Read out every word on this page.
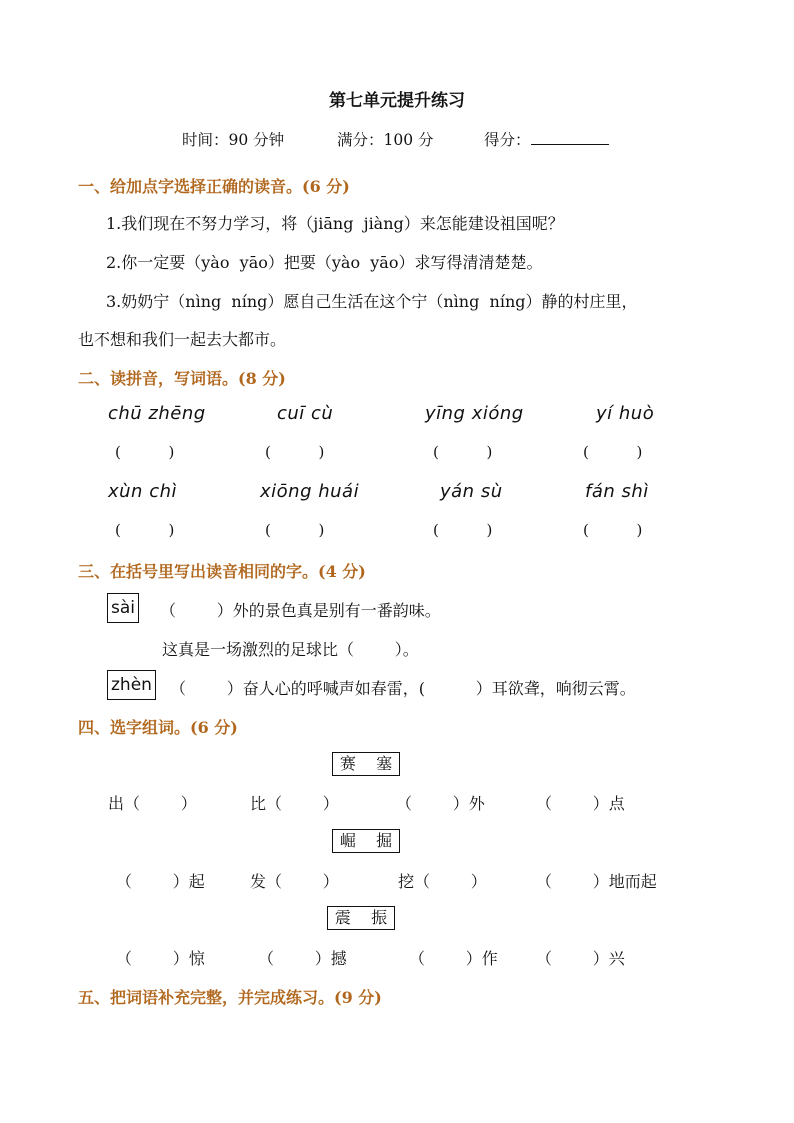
第七单元提升练习
时间：90 分钟	满分：100 分	得分：
一、给加点字选择正确的读音。(6 分)
1.我们现在不努力学习，将（jiāng  jiàng）来怎能建设祖国呢？
2.你一定要（yào  yāo）把要（yào  yāo）求写得清清楚楚。
3.奶奶宁（nìng  níng）愿自己生活在这个宁（nìng  níng）静的村庄里，
也不想和我们一起去大都市。
二、读拼音，写词语。(8 分)
chū zhēng	cuī cù	yīng xióng	yí huò
(          )	(          )	(          )	(          )
xùn chì	xiōng huái	yán sù	fán shì
(          )	(          )	(          )	(          )
三、在括号里写出读音相同的字。(4 分)
sài （        ）外的景色真是别有一番韵味。
这真是一场激烈的足球比（        ）。
zhèn （        ）奋人心的呼喊声如春雷，(          ）耳欲聋，响彻云霄。
四、选字组词。(6 分)
赛    塞
出（        ）	比（        ）	（        ）外	（        ）点
崛    掘
（        ）起	发（        ）	挖（        ）	（        ）地而起
震    振
（        ）惊	（        ）撼	（        ）作 （        ）兴
五、把词语补充完整，并完成练习。(9 分)
